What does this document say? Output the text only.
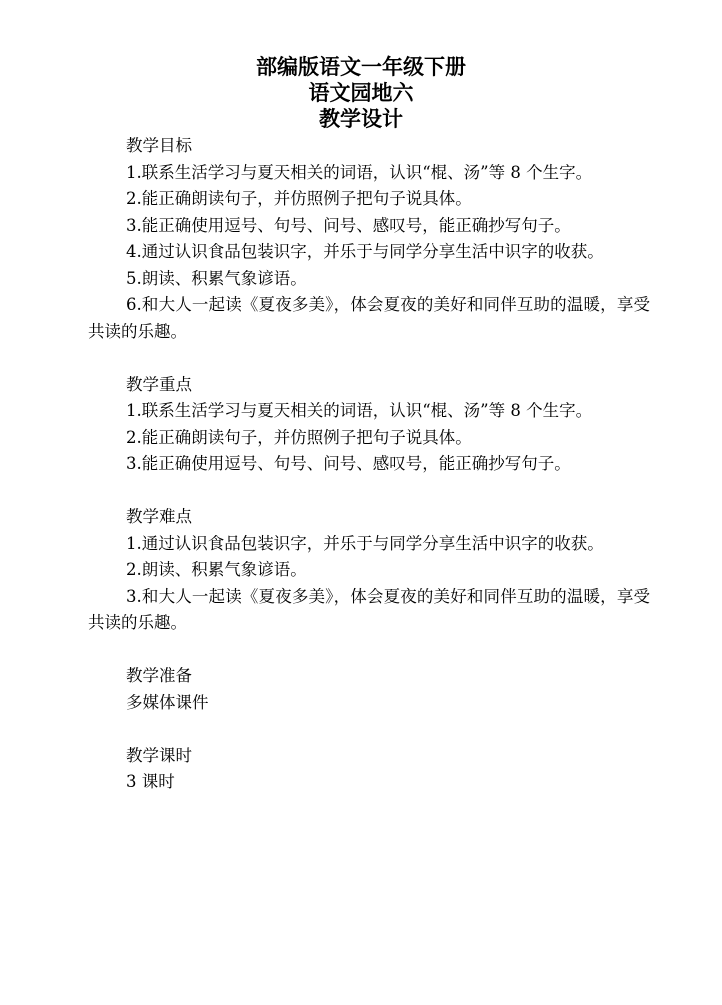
部编版语文一年级下册
语文园地六
教学设计

教学目标

1.联系生活学习与夏天相关的词语，认识“棍、汤”等 8 个生字。

2.能正确朗读句子，并仿照例子把句子说具体。

3.能正确使用逗号、句号、问号、感叹号，能正确抄写句子。

4.通过认识食品包装识字，并乐于与同学分享生活中识字的收获。

5.朗读、积累气象谚语。

6.和大人一起读《夏夜多美》，体会夏夜的美好和同伴互助的温暖，享受共读的乐趣。

教学重点

1.联系生活学习与夏天相关的词语，认识“棍、汤”等 8 个生字。

2.能正确朗读句子，并仿照例子把句子说具体。

3.能正确使用逗号、句号、问号、感叹号，能正确抄写句子。

教学难点

1.通过认识食品包装识字，并乐于与同学分享生活中识字的收获。

2.朗读、积累气象谚语。

3.和大人一起读《夏夜多美》，体会夏夜的美好和同伴互助的温暖，享受共读的乐趣。

教学准备

多媒体课件

教学课时

3 课时
